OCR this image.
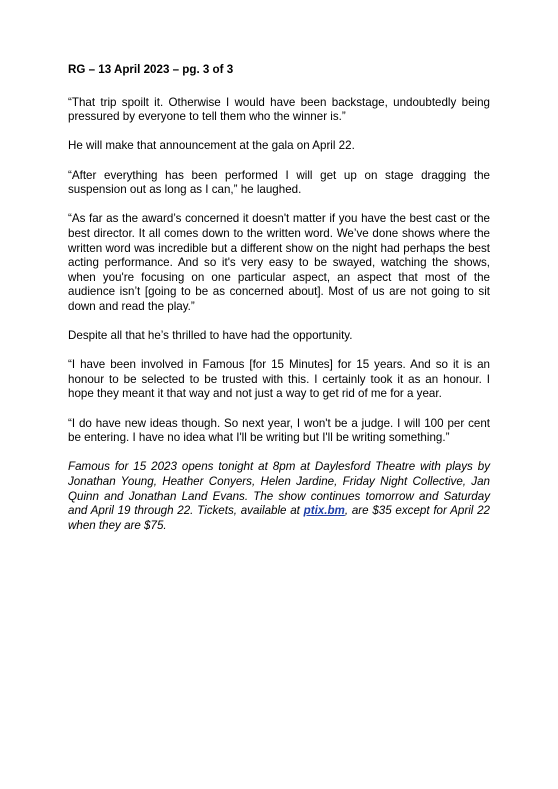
RG – 13 April 2023 – pg. 3 of 3

“That trip spoilt it. Otherwise I would have been backstage, undoubtedly being pressured by everyone to tell them who the winner is.”

He will make that announcement at the gala on April 22.

“After everything has been performed I will get up on stage dragging the suspension out as long as I can,” he laughed.

“As far as the award’s concerned it doesn't matter if you have the best cast or the best director. It all comes down to the written word. We’ve done shows where the written word was incredible but a different show on the night had perhaps the best acting performance. And so it's very easy to be swayed, watching the shows, when you're focusing on one particular aspect, an aspect that most of the audience isn’t [going to be as concerned about]. Most of us are not going to sit down and read the play.”

Despite all that he’s thrilled to have had the opportunity.

“I have been involved in Famous [for 15 Minutes] for 15 years. And so it is an honour to be selected to be trusted with this. I certainly took it as an honour. I hope they meant it that way and not just a way to get rid of me for a year.

“I do have new ideas though. So next year, I won't be a judge. I will 100 per cent be entering. I have no idea what I'll be writing but I'll be writing something.”

Famous for 15 2023 opens tonight at 8pm at Daylesford Theatre with plays by Jonathan Young, Heather Conyers, Helen Jardine, Friday Night Collective, Jan Quinn and Jonathan Land Evans. The show continues tomorrow and Saturday and April 19 through 22. Tickets, available at ptix.bm, are $35 except for April 22 when they are $75.
